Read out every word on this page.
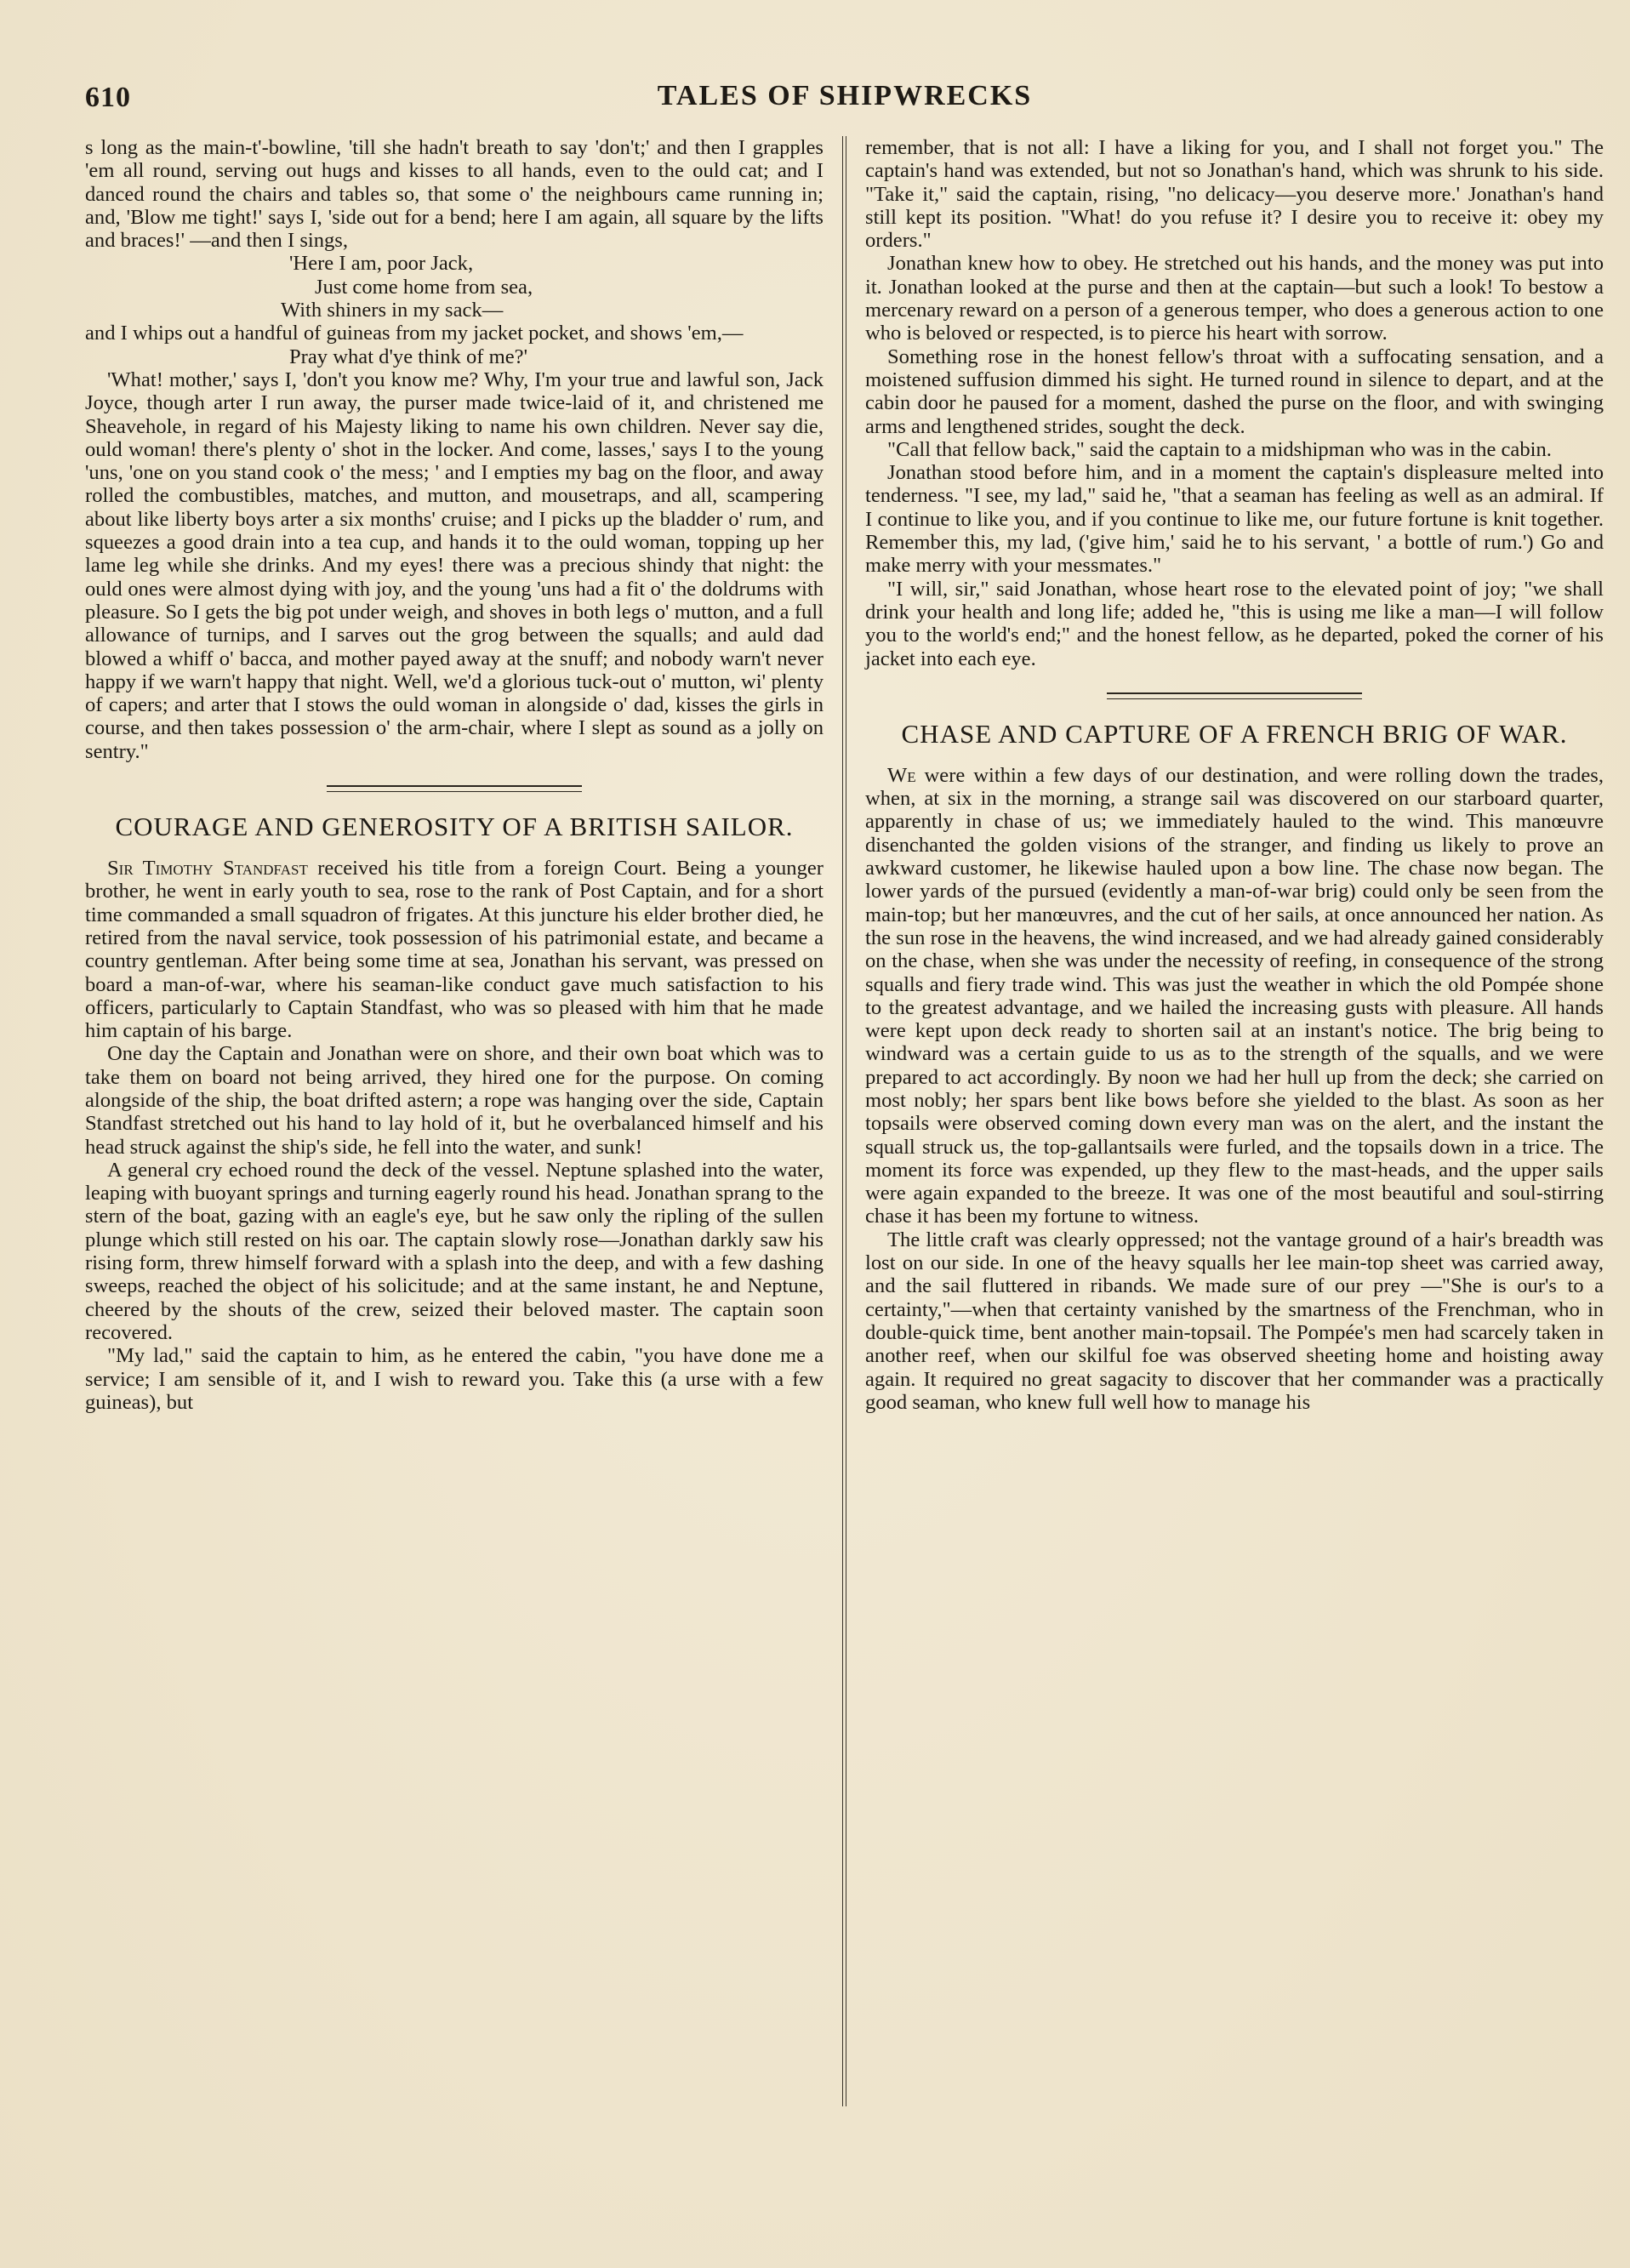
610	TALES OF SHIPWRECKS

s long as the main-t'-bowline, 'till she hadn't breath to say 'don't;' and then I grapples 'em all round, serving out hugs and kisses to all hands, even to the ould cat; and I danced round the chairs and tables so, that some o' the neighbours came running in; and, 'Blow me tight!' says I, 'side out for a bend; here I am again, all square by the lifts and braces!' —and then I sings,

'Here I am, poor Jack,

Just come home from sea,

With shiners in my sack—

and I whips out a handful of guineas from my jacket pocket, and shows 'em,—

Pray what d'ye think of me?'

'What! mother,' says I, 'don't you know me? Why, I'm your true and lawful son, Jack Joyce, though arter I run away, the purser made twice-laid of it, and christened me Sheavehole, in regard of his Majesty liking to name his own children. Never say die, ould woman! there's plenty o' shot in the locker. And come, lasses,' says I to the young 'uns, 'one on you stand cook o' the mess; ' and I empties my bag on the floor, and away rolled the combustibles, matches, and mutton, and mousetraps, and all, scampering about like liberty boys arter a six months' cruise; and I picks up the bladder o' rum, and squeezes a good drain into a tea cup, and hands it to the ould woman, topping up her lame leg while she drinks. And my eyes! there was a precious shindy that night: the ould ones were almost dying with joy, and the young 'uns had a fit o' the doldrums with pleasure. So I gets the big pot under weigh, and shoves in both legs o' mutton, and a full allowance of turnips, and I sarves out the grog between the squalls; and auld dad blowed a whiff o' bacca, and mother payed away at the snuff; and nobody warn't never happy if we warn't happy that night. Well, we'd a glorious tuck-out o' mutton, wi' plenty of capers; and arter that I stows the ould woman in alongside o' dad, kisses the girls in course, and then takes possession o' the arm-chair, where I slept as sound as a jolly on sentry."

COURAGE AND GENEROSITY OF A BRITISH SAILOR.

Sir Timothy Standfast received his title from a foreign Court. Being a younger brother, he went in early youth to sea, rose to the rank of Post Captain, and for a short time commanded a small squadron of frigates. At this juncture his elder brother died, he retired from the naval service, took possession of his patrimonial estate, and became a country gentleman. After being some time at sea, Jonathan his servant, was pressed on board a man-of-war, where his seaman-like conduct gave much satisfaction to his officers, particularly to Captain Standfast, who was so pleased with him that he made him captain of his barge.

One day the Captain and Jonathan were on shore, and their own boat which was to take them on board not being arrived, they hired one for the purpose. On coming alongside of the ship, the boat drifted astern; a rope was hanging over the side, Captain Standfast stretched out his hand to lay hold of it, but he overbalanced himself and his head struck against the ship's side, he fell into the water, and sunk!

A general cry echoed round the deck of the vessel. Neptune splashed into the water, leaping with buoyant springs and turning eagerly round his head. Jonathan sprang to the stern of the boat, gazing with an eagle's eye, but he saw only the ripling of the sullen plunge which still rested on his oar. The captain slowly rose—Jonathan darkly saw his rising form, threw himself forward with a splash into the deep, and with a few dashing sweeps, reached the object of his solicitude; and at the same instant, he and Neptune, cheered by the shouts of the crew, seized their beloved master. The captain soon recovered.

"My lad," said the captain to him, as he entered the cabin, "you have done me a service; I am sensible of it, and I wish to reward you. Take this (a urse with a few guineas), but

remember, that is not all: I have a liking for you, and I shall not forget you." The captain's hand was extended, but not so Jonathan's hand, which was shrunk to his side. "Take it," said the captain, rising, "no delicacy—you deserve more.' Jonathan's hand still kept its position. "What! do you refuse it? I desire you to receive it: obey my orders."

Jonathan knew how to obey. He stretched out his hands, and the money was put into it. Jonathan looked at the purse and then at the captain—but such a look! To bestow a mercenary reward on a person of a generous temper, who does a generous action to one who is beloved or respected, is to pierce his heart with sorrow.

Something rose in the honest fellow's throat with a suffocating sensation, and a moistened suffusion dimmed his sight. He turned round in silence to depart, and at the cabin door he paused for a moment, dashed the purse on the floor, and with swinging arms and lengthened strides, sought the deck.

"Call that fellow back," said the captain to a midshipman who was in the cabin.

Jonathan stood before him, and in a moment the captain's displeasure melted into tenderness. "I see, my lad," said he, "that a seaman has feeling as well as an admiral. If I continue to like you, and if you continue to like me, our future fortune is knit together. Remember this, my lad, ('give him,' said he to his servant, ' a bottle of rum.') Go and make merry with your messmates."

"I will, sir," said Jonathan, whose heart rose to the elevated point of joy; "we shall drink your health and long life; added he, "this is using me like a man—I will follow you to the world's end;" and the honest fellow, as he departed, poked the corner of his jacket into each eye.

CHASE AND CAPTURE OF A FRENCH BRIG OF WAR.

We were within a few days of our destination, and were rolling down the trades, when, at six in the morning, a strange sail was discovered on our starboard quarter, apparently in chase of us; we immediately hauled to the wind. This manœuvre disenchanted the golden visions of the stranger, and finding us likely to prove an awkward customer, he likewise hauled upon a bow line. The chase now began. The lower yards of the pursued (evidently a man-of-war brig) could only be seen from the main-top; but her manœuvres, and the cut of her sails, at once announced her nation. As the sun rose in the heavens, the wind increased, and we had already gained considerably on the chase, when she was under the necessity of reefing, in consequence of the strong squalls and fiery trade wind. This was just the weather in which the old Pompée shone to the greatest advantage, and we hailed the increasing gusts with pleasure. All hands were kept upon deck ready to shorten sail at an instant's notice. The brig being to windward was a certain guide to us as to the strength of the squalls, and we were prepared to act accordingly. By noon we had her hull up from the deck; she carried on most nobly; her spars bent like bows before she yielded to the blast. As soon as her topsails were observed coming down every man was on the alert, and the instant the squall struck us, the top-gallantsails were furled, and the topsails down in a trice. The moment its force was expended, up they flew to the mast-heads, and the upper sails were again expanded to the breeze. It was one of the most beautiful and soul-stirring chase it has been my fortune to witness.

The little craft was clearly oppressed; not the vantage ground of a hair's breadth was lost on our side. In one of the heavy squalls her lee main-top sheet was carried away, and the sail fluttered in ribands. We made sure of our prey —"She is our's to a certainty,"—when that certainty vanished by the smartness of the Frenchman, who in double-quick time, bent another main-topsail. The Pompée's men had scarcely taken in another reef, when our skilful foe was observed sheeting home and hoisting away again. It required no great sagacity to discover that her commander was a practically good seaman, who knew full well how to manage his
